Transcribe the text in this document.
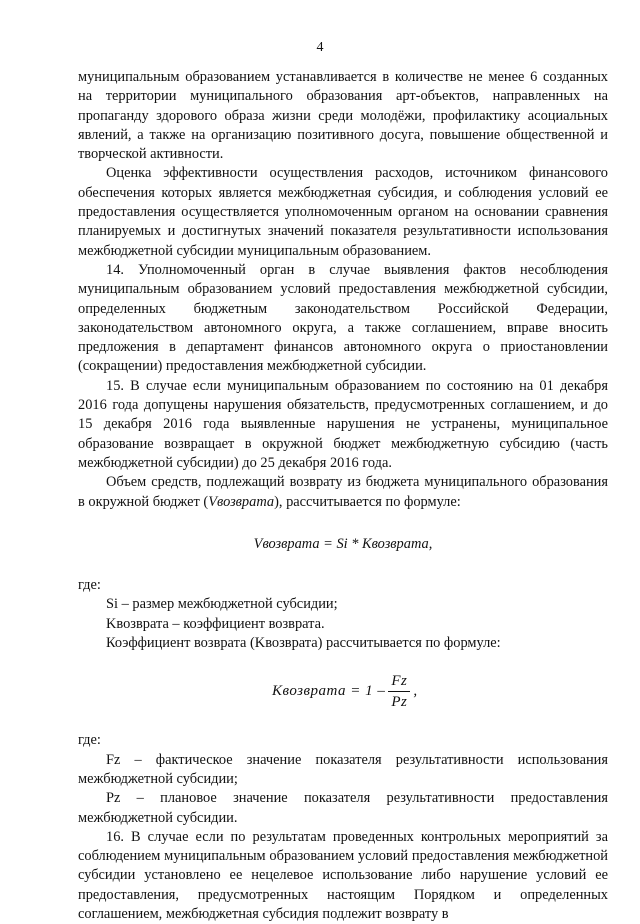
4

муниципальным образованием устанавливается в количестве не менее 6 созданных на территории муниципального образования арт-объектов, направленных на пропаганду здорового образа жизни среди молодёжи, профилактику асоциальных явлений, а также на организацию позитивного досуга, повышение общественной и творческой активности.

Оценка эффективности осуществления расходов, источником финансового обеспечения которых является межбюджетная субсидия, и соблюдения условий ее предоставления осуществляется уполномоченным органом на основании сравнения планируемых и достигнутых значений показателя результативности использования межбюджетной субсидии муниципальным образованием.

14. Уполномоченный орган в случае выявления фактов несоблюдения муниципальным образованием условий предоставления межбюджетной субсидии, определенных бюджетным законодательством Российской Федерации, законодательством автономного округа, а также соглашением, вправе вносить предложения в департамент финансов автономного округа о приостановлении (сокращении) предоставления межбюджетной субсидии.

15. В случае если муниципальным образованием по состоянию на 01 декабря 2016 года допущены нарушения обязательств, предусмотренных соглашением, и до 15 декабря 2016 года выявленные нарушения не устранены, муниципальное образование возвращает в окружной бюджет межбюджетную субсидию (часть межбюджетной субсидии) до 25 декабря 2016 года.

Объем средств, подлежащий возврату из бюджета муниципального образования в окружной бюджет (Vвозврата), рассчитывается по формуле:

Vвозврата = Si * Kвозврата,

где:

Si – размер межбюджетной субсидии;

Kвозврата – коэффициент возврата.

Коэффициент возврата (Kвозврата) рассчитывается по формуле:

Kвозврата = $1 - \frac{Fz}{Pz}$ ,

где:

Fz – фактическое значение показателя результативности использования межбюджетной субсидии;

Pz – плановое значение показателя результативности предоставления межбюджетной субсидии.

16. В случае если по результатам проведенных контрольных мероприятий за соблюдением муниципальным образованием условий предоставления межбюджетной субсидии установлено ее нецелевое использование либо нарушение условий ее предоставления, предусмотренных настоящим Порядком и определенных соглашением, межбюджетная субсидия подлежит возврату в
